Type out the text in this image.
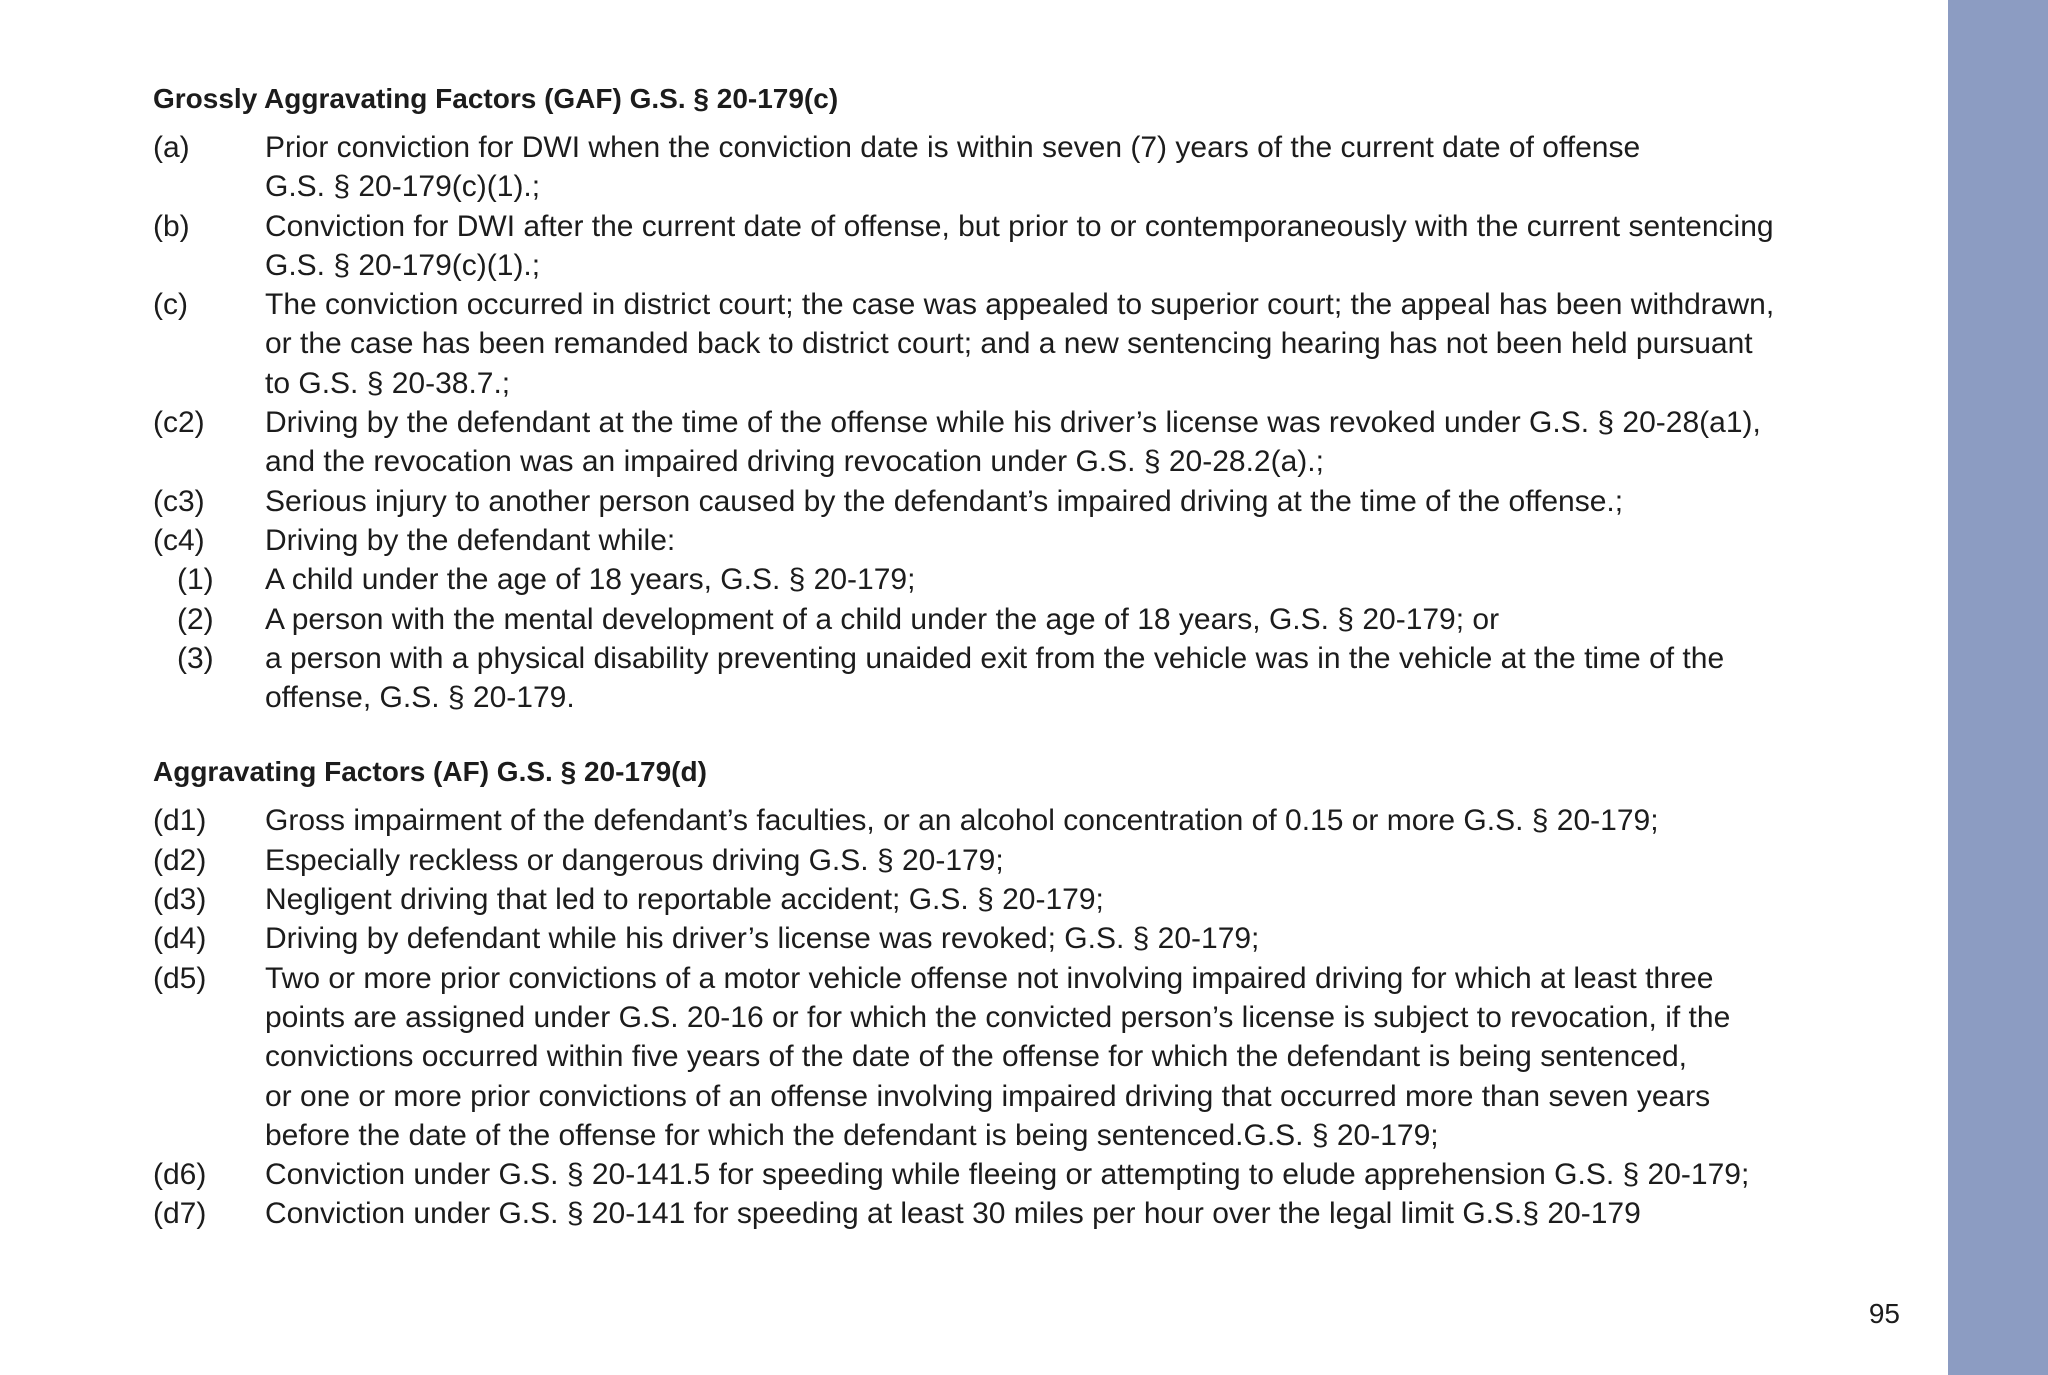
Grossly Aggravating Factors (GAF) G.S. § 20-179(c)
(a)	Prior conviction for DWI when the conviction date is within seven (7) years of the current date of offense
G.S. § 20-179(c)(1).;
(b)	Conviction for DWI after the current date of offense, but prior to or contemporaneously with the current sentencing
G.S. § 20-179(c)(1).;
(c)	The conviction occurred in district court; the case was appealed to superior court; the appeal has been withdrawn,
or the case has been remanded back to district court; and a new sentencing hearing has not been held pursuant
to G.S. § 20-38.7.;
(c2)	Driving by the defendant at the time of the offense while his driver’s license was revoked under G.S. § 20-28(a1),
and the revocation was an impaired driving revocation under G.S. § 20-28.2(a).;
(c3)	Serious injury to another person caused by the defendant’s impaired driving at the time of the offense.;
(c4)	Driving by the defendant while:
(1)	A child under the age of 18 years, G.S. § 20-179;
(2)	A person with the mental development of a child under the age of 18 years, G.S. § 20-179; or
(3)	a person with a physical disability preventing unaided exit from the vehicle was in the vehicle at the time of the
offense, G.S. § 20-179.
Aggravating Factors (AF) G.S. § 20-179(d)
(d1)	Gross impairment of the defendant’s faculties, or an alcohol concentration of 0.15 or more G.S. § 20-179;
(d2)	Especially reckless or dangerous driving G.S. § 20-179;
(d3)	Negligent driving that led to reportable accident; G.S. § 20-179;
(d4)	Driving by defendant while his driver’s license was revoked; G.S. § 20-179;
(d5)	Two or more prior convictions of a motor vehicle offense not involving impaired driving for which at least three
points are assigned under G.S. 20-16 or for which the convicted person’s license is subject to revocation, if the
convictions occurred within five years of the date of the offense for which the defendant is being sentenced,
or one or more prior convictions of an offense involving impaired driving that occurred more than seven years
before the date of the offense for which the defendant is being sentenced.G.S. § 20-179;
(d6)	Conviction under G.S. § 20-141.5 for speeding while fleeing or attempting to elude apprehension G.S. § 20-179;
(d7)	Conviction under G.S. § 20-141 for speeding at least 30 miles per hour over the legal limit G.S.§ 20-179
95
